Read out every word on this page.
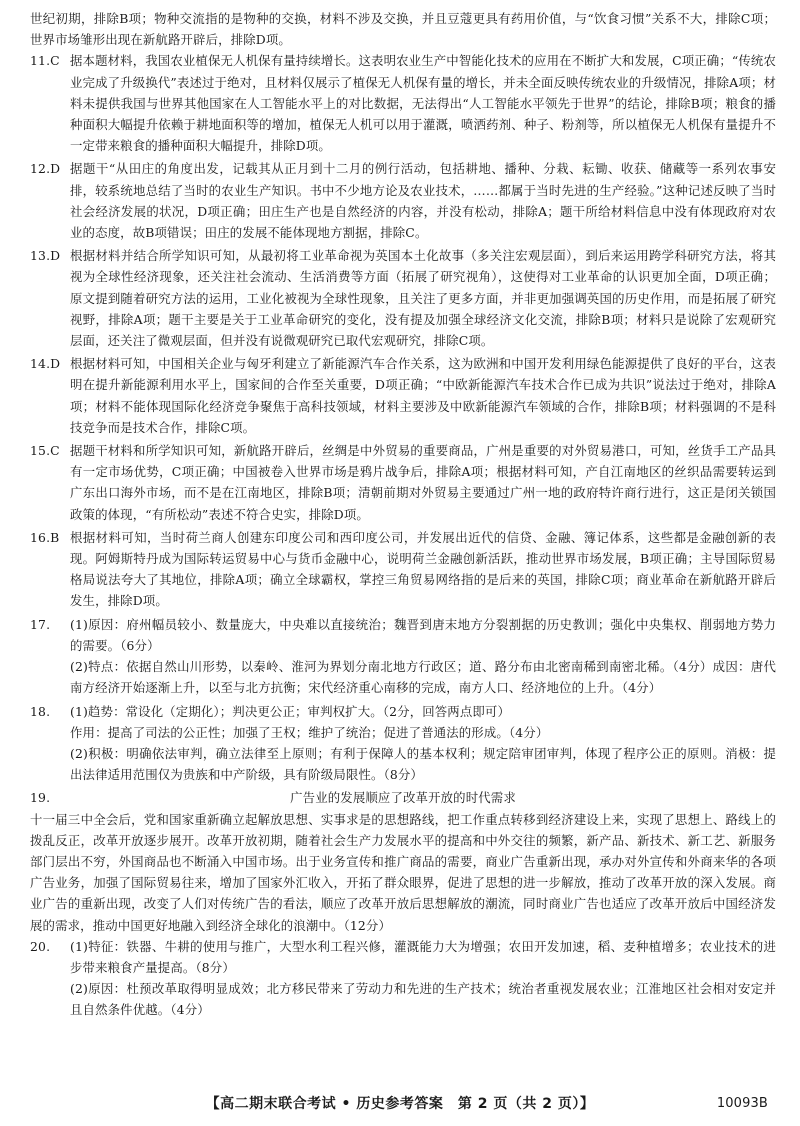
世纪初期，排除B项；物种交流指的是物种的交换，材料不涉及交换，并且豆蔻更具有药用价值，与“饮食习惯”关系不大，排除C项；世界市场雏形出现在新航路开辟后，排除D项。

11.C 据本题材料，我国农业植保无人机保有量持续增长。这表明农业生产中智能化技术的应用在不断扩大和发展，C项正确；“传统农业完成了升级换代”表述过于绝对，且材料仅展示了植保无人机保有量的增长，并未全面反映传统农业的升级情况，排除A项；材料未提供我国与世界其他国家在人工智能水平上的对比数据，无法得出“人工智能水平领先于世界”的结论，排除B项；粮食的播种面积大幅提升依赖于耕地面积等的增加，植保无人机可以用于灌溉，喷洒药剂、种子、粉剂等，所以植保无人机保有量提升不一定带来粮食的播种面积大幅提升，排除D项。
12.D 据题干“从田庄的角度出发，记载其从正月到十二月的例行活动，包括耕地、播种、分栽、耘锄、收获、储藏等一系列农事安排，较系统地总结了当时的农业生产知识。书中不少地方论及农业技术，……都属于当时先进的生产经验。”这种记述反映了当时社会经济发展的状况，D项正确；田庄生产也是自然经济的内容，并没有松动，排除A；题干所给材料信息中没有体现政府对农业的态度，故B项错误；田庄的发展不能体现地方割据，排除C。
13.D 根据材料并结合所学知识可知，从最初将工业革命视为英国本土化故事（多关注宏观层面），到后来运用跨学科研究方法，将其视为全球性经济现象，还关注社会流动、生活消费等方面（拓展了研究视角），这使得对工业革命的认识更加全面，D项正确；原文提到随着研究方法的运用，工业化被视为全球性现象，且关注了更多方面，并非更加强调英国的历史作用，而是拓展了研究视野，排除A项；题干主要是关于工业革命研究的变化，没有提及加强全球经济文化交流，排除B项；材料只是说除了宏观研究层面，还关注了微观层面，但并没有说微观研究已取代宏观研究，排除C项。
14.D 根据材料可知，中国相关企业与匈牙利建立了新能源汽车合作关系，这为欧洲和中国开发利用绿色能源提供了良好的平台，这表明在提升新能源利用水平上，国家间的合作至关重要，D项正确；“中欧新能源汽车技术合作已成为共识”说法过于绝对，排除A项；材料不能体现国际化经济竞争聚焦于高科技领域，材料主要涉及中欧新能源汽车领域的合作，排除B项；材料强调的不是科技竞争而是技术合作，排除C项。
15.C 据题干材料和所学知识可知，新航路开辟后，丝绸是中外贸易的重要商品，广州是重要的对外贸易港口，可知，丝货手工产品具有一定市场优势，C项正确；中国被卷入世界市场是鸦片战争后，排除A项；根据材料可知，产自江南地区的丝织品需要转运到广东出口海外市场，而不是在江南地区，排除B项；清朝前期对外贸易主要通过广州一地的政府特许商行进行，这正是闭关锁国政策的体现，“有所松动”表述不符合史实，排除D项。
16.B 根据材料可知，当时荷兰商人创建东印度公司和西印度公司，并发展出近代的信贷、金融、簿记体系，这些都是金融创新的表现。阿姆斯特丹成为国际转运贸易中心与货币金融中心，说明荷兰金融创新活跃，推动世界市场发展，B项正确；主导国际贸易格局说法夸大了其地位，排除A项；确立全球霸权，掌控三角贸易网络指的是后来的英国，排除C项；商业革命在新航路开辟后发生，排除D项。
17.	(1)原因：府州幅员较小、数量庞大，中央难以直接统治；魏晋到唐末地方分裂割据的历史教训；强化中央集权、削弱地方势力的需要。（6分）

(2)特点：依据自然山川形势，以秦岭、淮河为界划分南北地方行政区；道、路分布由北密南稀到南密北稀。（4分）成因：唐代南方经济开始逐渐上升，以至与北方抗衡；宋代经济重心南移的完成，南方人口、经济地位的上升。（4分）

18.	(1)趋势：常设化（定期化）；判决更公正；审判权扩大。（2分，回答两点即可）

作用：提高了司法的公正性；加强了王权；维护了统治；促进了普通法的形成。（4分）

(2)积极：明确依法审判，确立法律至上原则；有利于保障人的基本权利；规定陪审团审判，体现了程序公正的原则。消极：提出法律适用范围仅为贵族和中产阶级，具有阶级局限性。（8分）

19.	广告业的发展顺应了改革开放的时代需求

十一届三中全会后，党和国家重新确立起解放思想、实事求是的思想路线，把工作重点转移到经济建设上来，实现了思想上、路线上的拨乱反正，改革开放逐步展开。改革开放初期，随着社会生产力发展水平的提高和中外交往的频繁，新产品、新技术、新工艺、新服务部门层出不穷，外国商品也不断涌入中国市场。出于业务宣传和推广商品的需要，商业广告重新出现，承办对外宣传和外商来华的各项广告业务，加强了国际贸易往来，增加了国家外汇收入，开拓了群众眼界，促进了思想的进一步解放，推动了改革开放的深入发展。商业广告的重新出现，改变了人们对传统广告的看法，顺应了改革开放后思想解放的潮流，同时商业广告也适应了改革开放后中国经济发展的需求，推动中国更好地融入到经济全球化的浪潮中。（12分）

20.	(1)特征：铁器、牛耕的使用与推广，大型水利工程兴修，灌溉能力大为增强；农田开发加速，稻、麦种植增多；农业技术的进步带来粮食产量提高。（8分）

(2)原因：杜预改革取得明显成效；北方移民带来了劳动力和先进的生产技术；统治者重视发展农业；江淮地区社会相对安定并且自然条件优越。（4分）

【高二期末联合考试 • 历史参考答案　第 2 页（共 2 页）】	10093B
